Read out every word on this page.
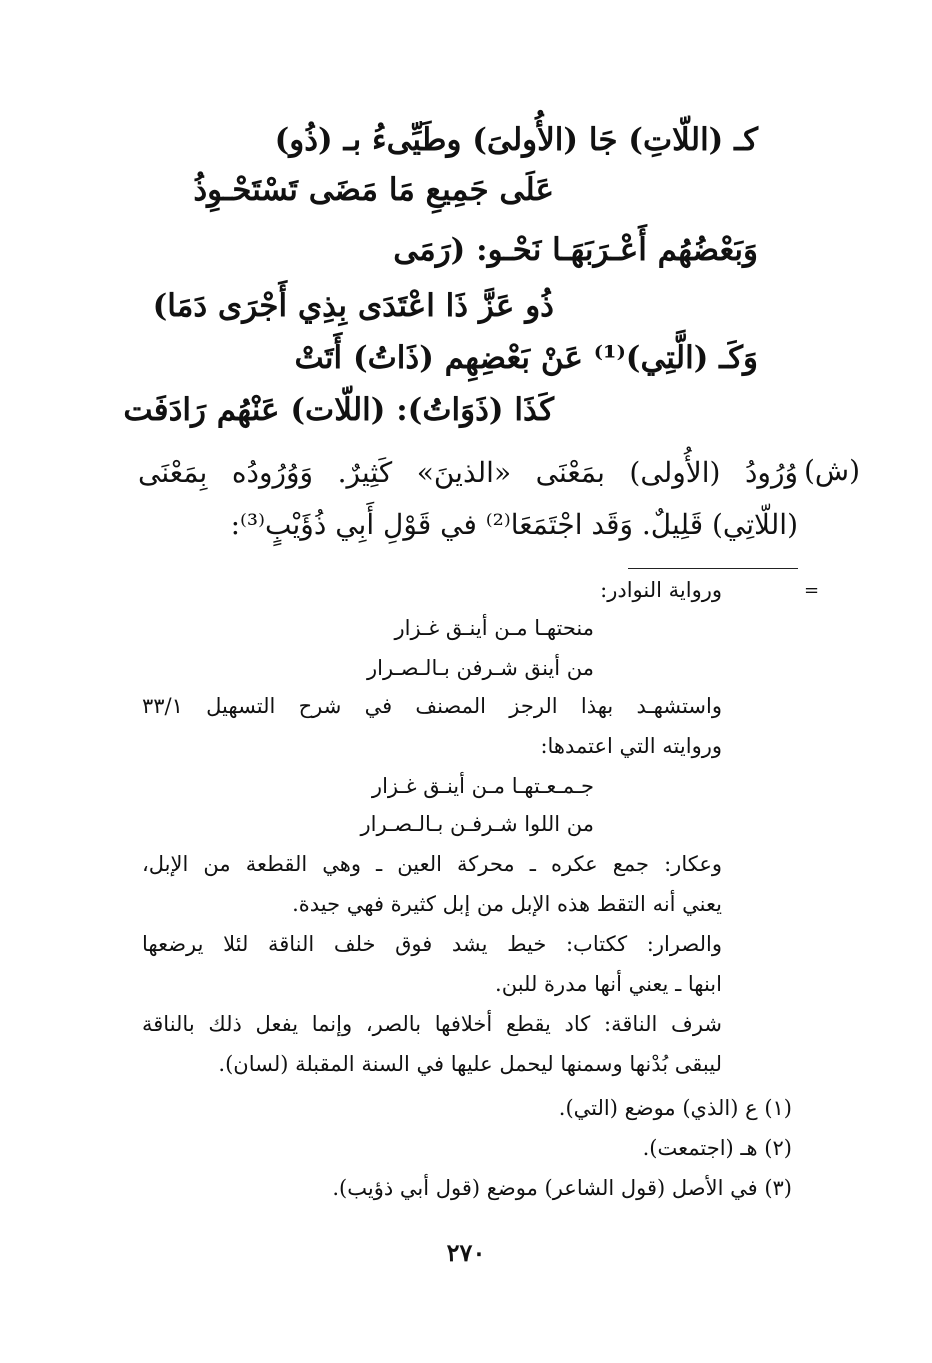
كـ (اللّاتِ) جَا (الأُولىَ) وطَيِّىءُ بـ (ذُو)
عَلَى جَمِيعِ مَا مَضَى تَسْتَحْـوِذُ
وَبَعْضُهُم أَعْـرَبَهَـا نَحْـو: (رَمَى
ذُو عَزَّ ذَا اعْتَدَى بِذِي أَجْرَى دَمَا)
وَكَـ (الَّتِي)⁽¹⁾ عَنْ بَعْضِهِم (ذَاتُ) أَتَتْ
كَذَا (ذَوَاتُ): (اللّات) عَنْهُم رَادَفَت
(ش)
وُرُودُ (الأُولى) بمَعْنَى «الذينَ» كَثِيرٌ. وَوُرُودُه بِمَعْنَى
(اللّاتِي) قَلِيلٌ. وَقَد اجْتَمَعَا⁽²⁾ في قَوْلِ أَبِي ذُؤَيْبٍ⁽³⁾:
=
ورواية النوادر:
منحتهـا مـن أينـق غـزار
من أينق شـرفن بـالـصـرار
واستشهـد بهذا الرجز المصنف في شرح التسهيل ٣٣/١
وروايته التي اعتمدها:
جـمـعـتهـا مـن أينـق غـزار
من اللوا شـرفـن بـالـصـرار
وعكار: جمع عكره ـ محركة العين ـ وهي القطعة من الإبل،
يعني أنه التقط هذه الإبل من إبل كثيرة فهي جيدة.
والصرار: ككتاب: خيط يشد فوق خلف الناقة لئلا يرضعها
ابنها ـ يعني أنها مدرة للبن.
شرف الناقة: كاد يقطع أخلافها بالصر، وإنما يفعل ذلك بالناقة
ليبقى بُدْنها وسمنها ليحمل عليها في السنة المقبلة (لسان).
(١) ع (الذي) موضع (التي).
(٢) هـ (اجتمعت).
(٣) في الأصل (قول الشاعر) موضع (قول أبي ذؤيب).
٢٧٠
